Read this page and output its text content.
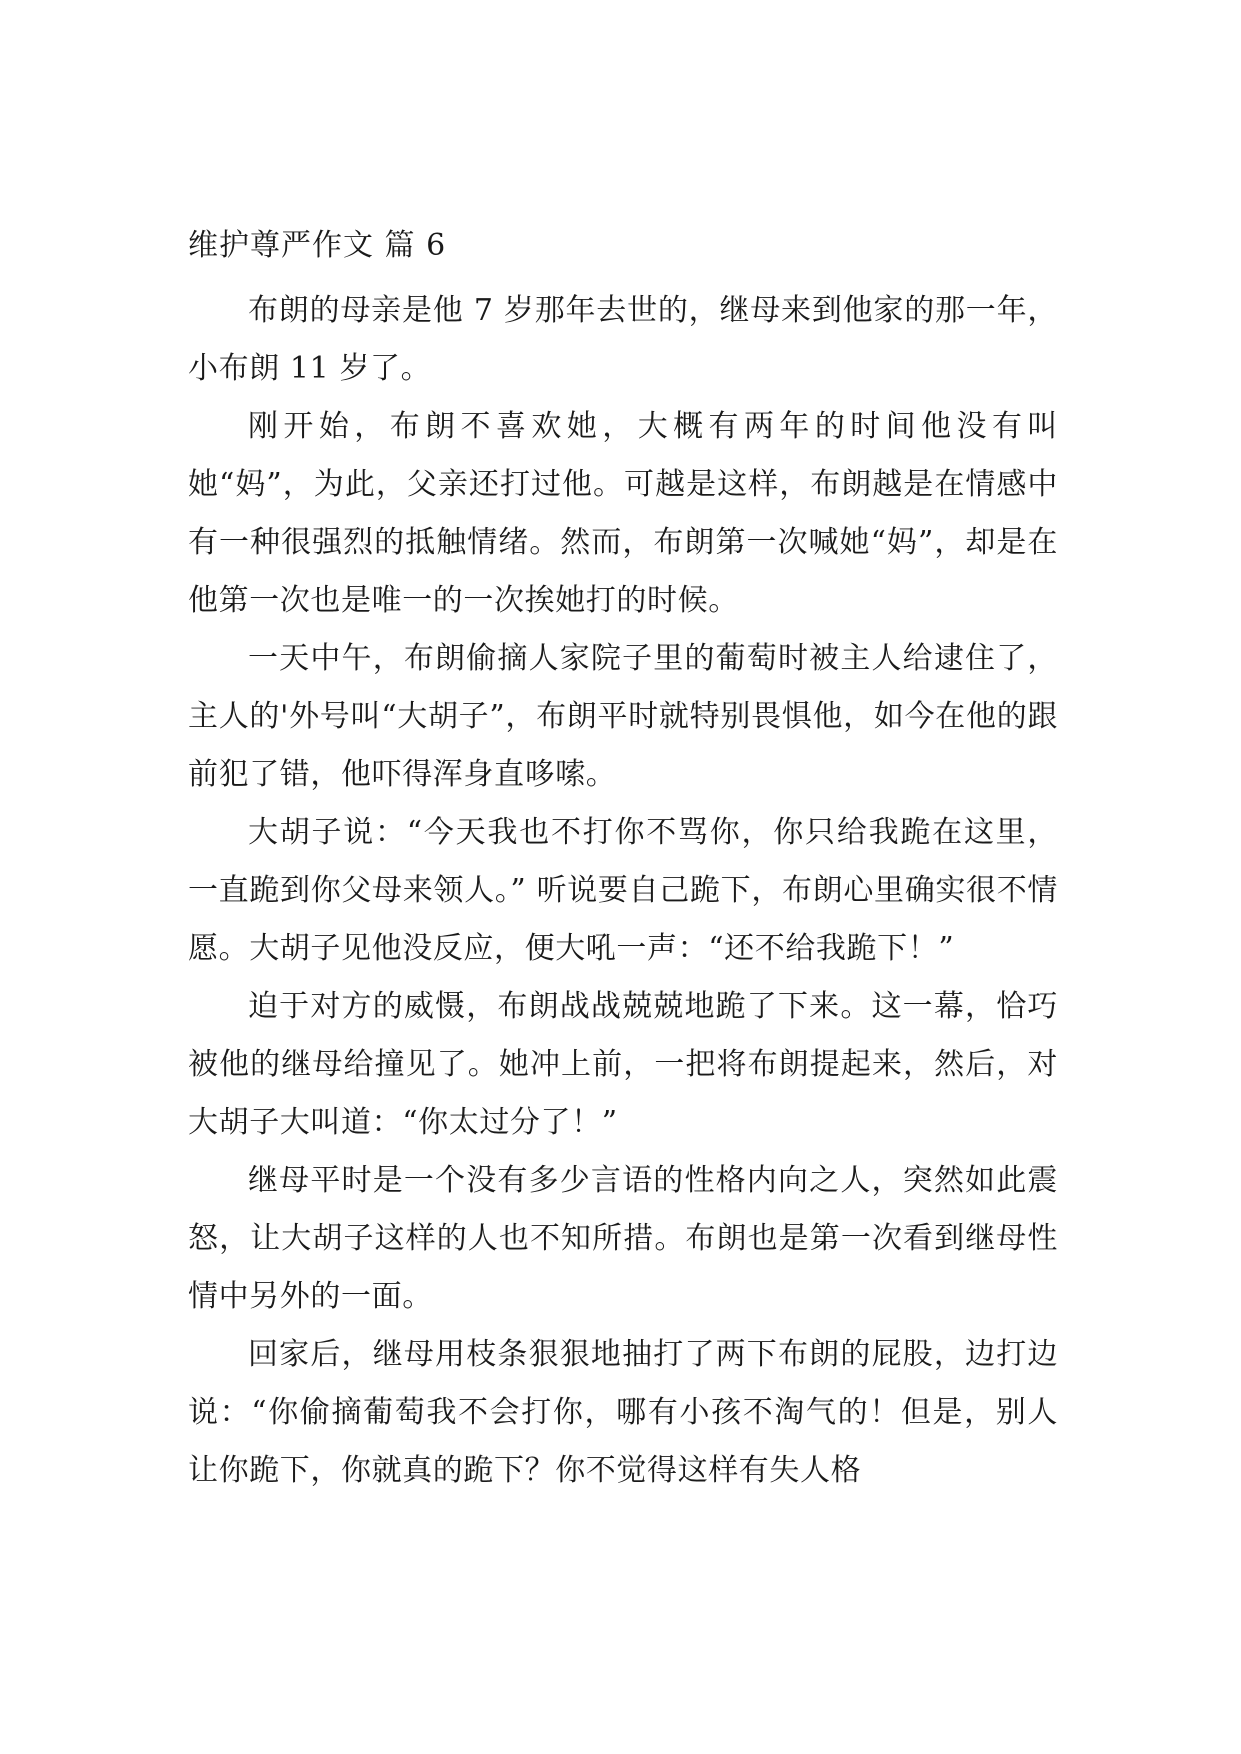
维护尊严作文 篇 6

布朗的母亲是他 7 岁那年去世的，继母来到他家的那一年，小布朗 11 岁了。

刚开始，布朗不喜欢她，大概有两年的时间他没有叫她“妈”，为此，父亲还打过他。可越是这样，布朗越是在情感中有一种很强烈的抵触情绪。然而，布朗第一次喊她“妈”，却是在他第一次也是唯一的一次挨她打的时候。

一天中午，布朗偷摘人家院子里的葡萄时被主人给逮住了，主人的'外号叫“大胡子”，布朗平时就特别畏惧他，如今在他的跟前犯了错，他吓得浑身直哆嗦。

大胡子说：“今天我也不打你不骂你，你只给我跪在这里，一直跪到你父母来领人。” 听说要自己跪下，布朗心里确实很不情愿。大胡子见他没反应，便大吼一声：“还不给我跪下！”

迫于对方的威慑，布朗战战兢兢地跪了下来。这一幕，恰巧被他的继母给撞见了。她冲上前，一把将布朗提起来，然后，对大胡子大叫道：“你太过分了！”

继母平时是一个没有多少言语的性格内向之人，突然如此震怒，让大胡子这样的人也不知所措。布朗也是第一次看到继母性情中另外的一面。

回家后，继母用枝条狠狠地抽打了两下布朗的屁股，边打边说：“你偷摘葡萄我不会打你，哪有小孩不淘气的！但是，别人让你跪下，你就真的跪下？你不觉得这样有失人格
